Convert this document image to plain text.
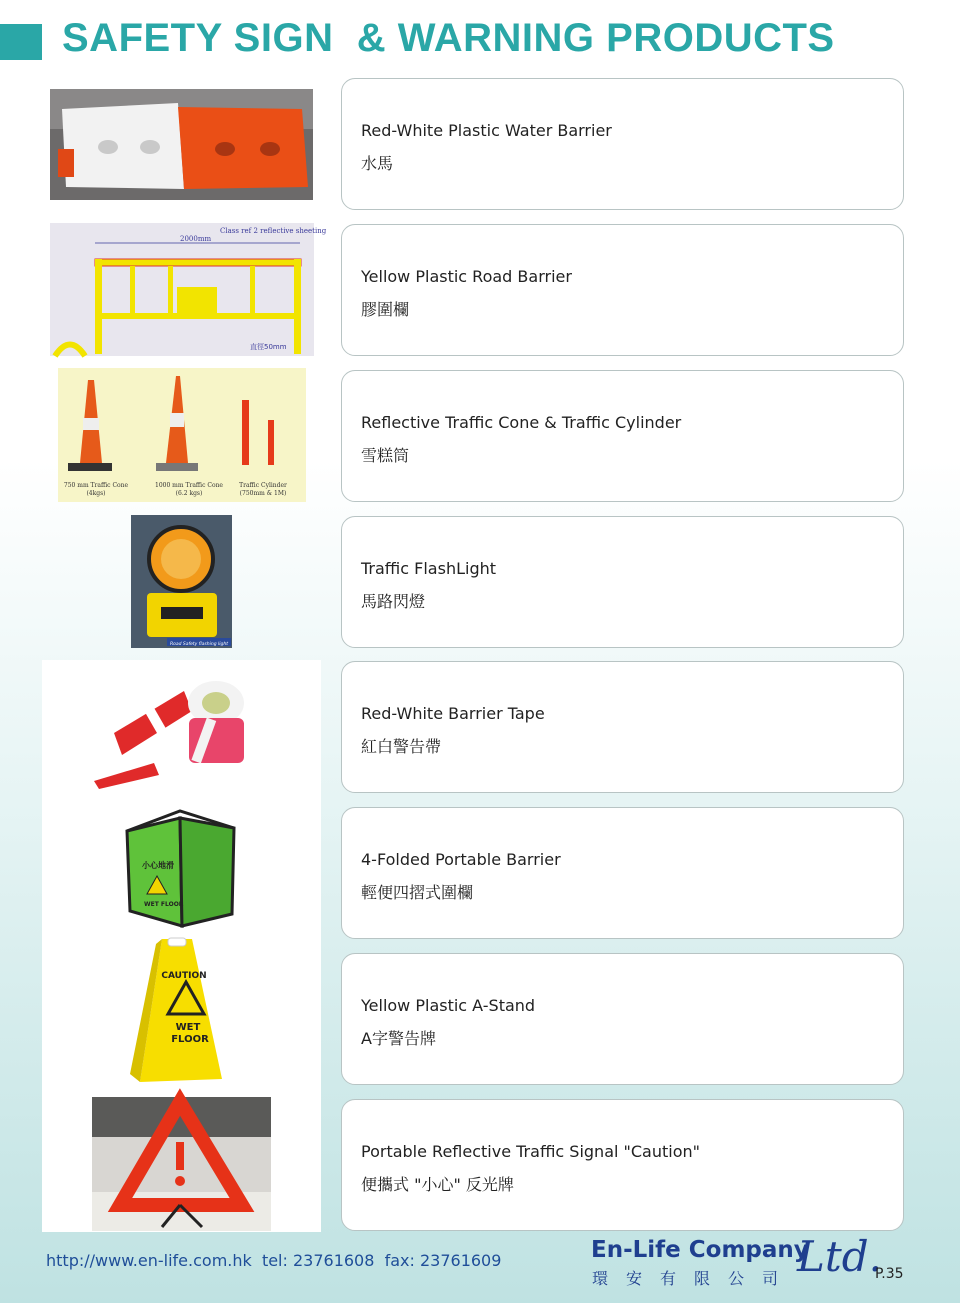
SAFETY SIGN  & WARNING PRODUCTS
Class ref 2 reflective sheeting
2000mm
直徑50mm
750 mm Traffic Cone
(4kgs)
1000 mm Traffic Cone
(6.2 kgs)
Traffic Cylinder
(750mm & 1M)
Road Safety flashing light
小心地滑
WET FLOOR
CAUTION
WET
FLOOR
Red-White Plastic Water Barrier
水馬
Yellow Plastic Road Barrier
膠圍欄
Reflective Traffic Cone & Traffic Cylinder
雪糕筒
Traffic FlashLight
馬路閃燈
Red-White Barrier Tape
紅白警告帶
4-Folded Portable Barrier
輕便四摺式圍欄
Yellow Plastic A-Stand
A字警告牌
Portable Reflective Traffic Signal "Caution"
便攜式 "小心" 反光牌
http://www.en-life.com.hk  tel: 23761608  fax: 23761609	En-Life Company
環安有限公司 Ltd.
P.35
